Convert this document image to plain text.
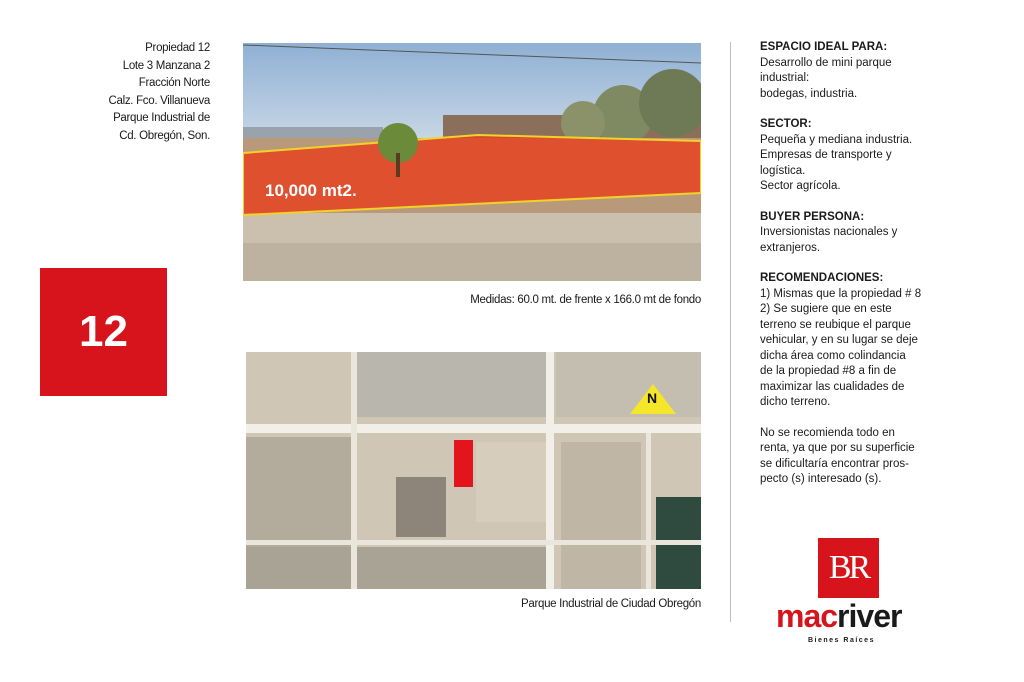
Propiedad 12
Lote 3 Manzana 2
Fracción Norte
Calz. Fco. Villanueva
Parque Industrial de
Cd. Obregón, Son.
12
10,000 mt2.
Medidas: 60.0 mt. de frente x 166.0 mt de fondo
N
Parque Industrial de Ciudad Obregón
ESPACIO IDEAL PARA:
Desarrollo de mini parque
industrial:
bodegas, industria.
SECTOR:
Pequeña y mediana industria.
Empresas de transporte y
logística.
Sector agrícola.
BUYER PERSONA:
Inversionistas nacionales y
extranjeros.
RECOMENDACIONES:
1) Mismas que la propiedad # 8
2) Se sugiere que en este
terreno se reubique el parque
vehicular, y en su lugar se deje
dicha área como colindancia
de la propiedad #8 a fin de
maximizar las cualidades de
dicho terreno.
No se recomienda todo en
renta, ya que por su superficie
se dificultaría encontrar pros-
pecto (s) interesado (s).
BR
macriver
Bienes Raíces
